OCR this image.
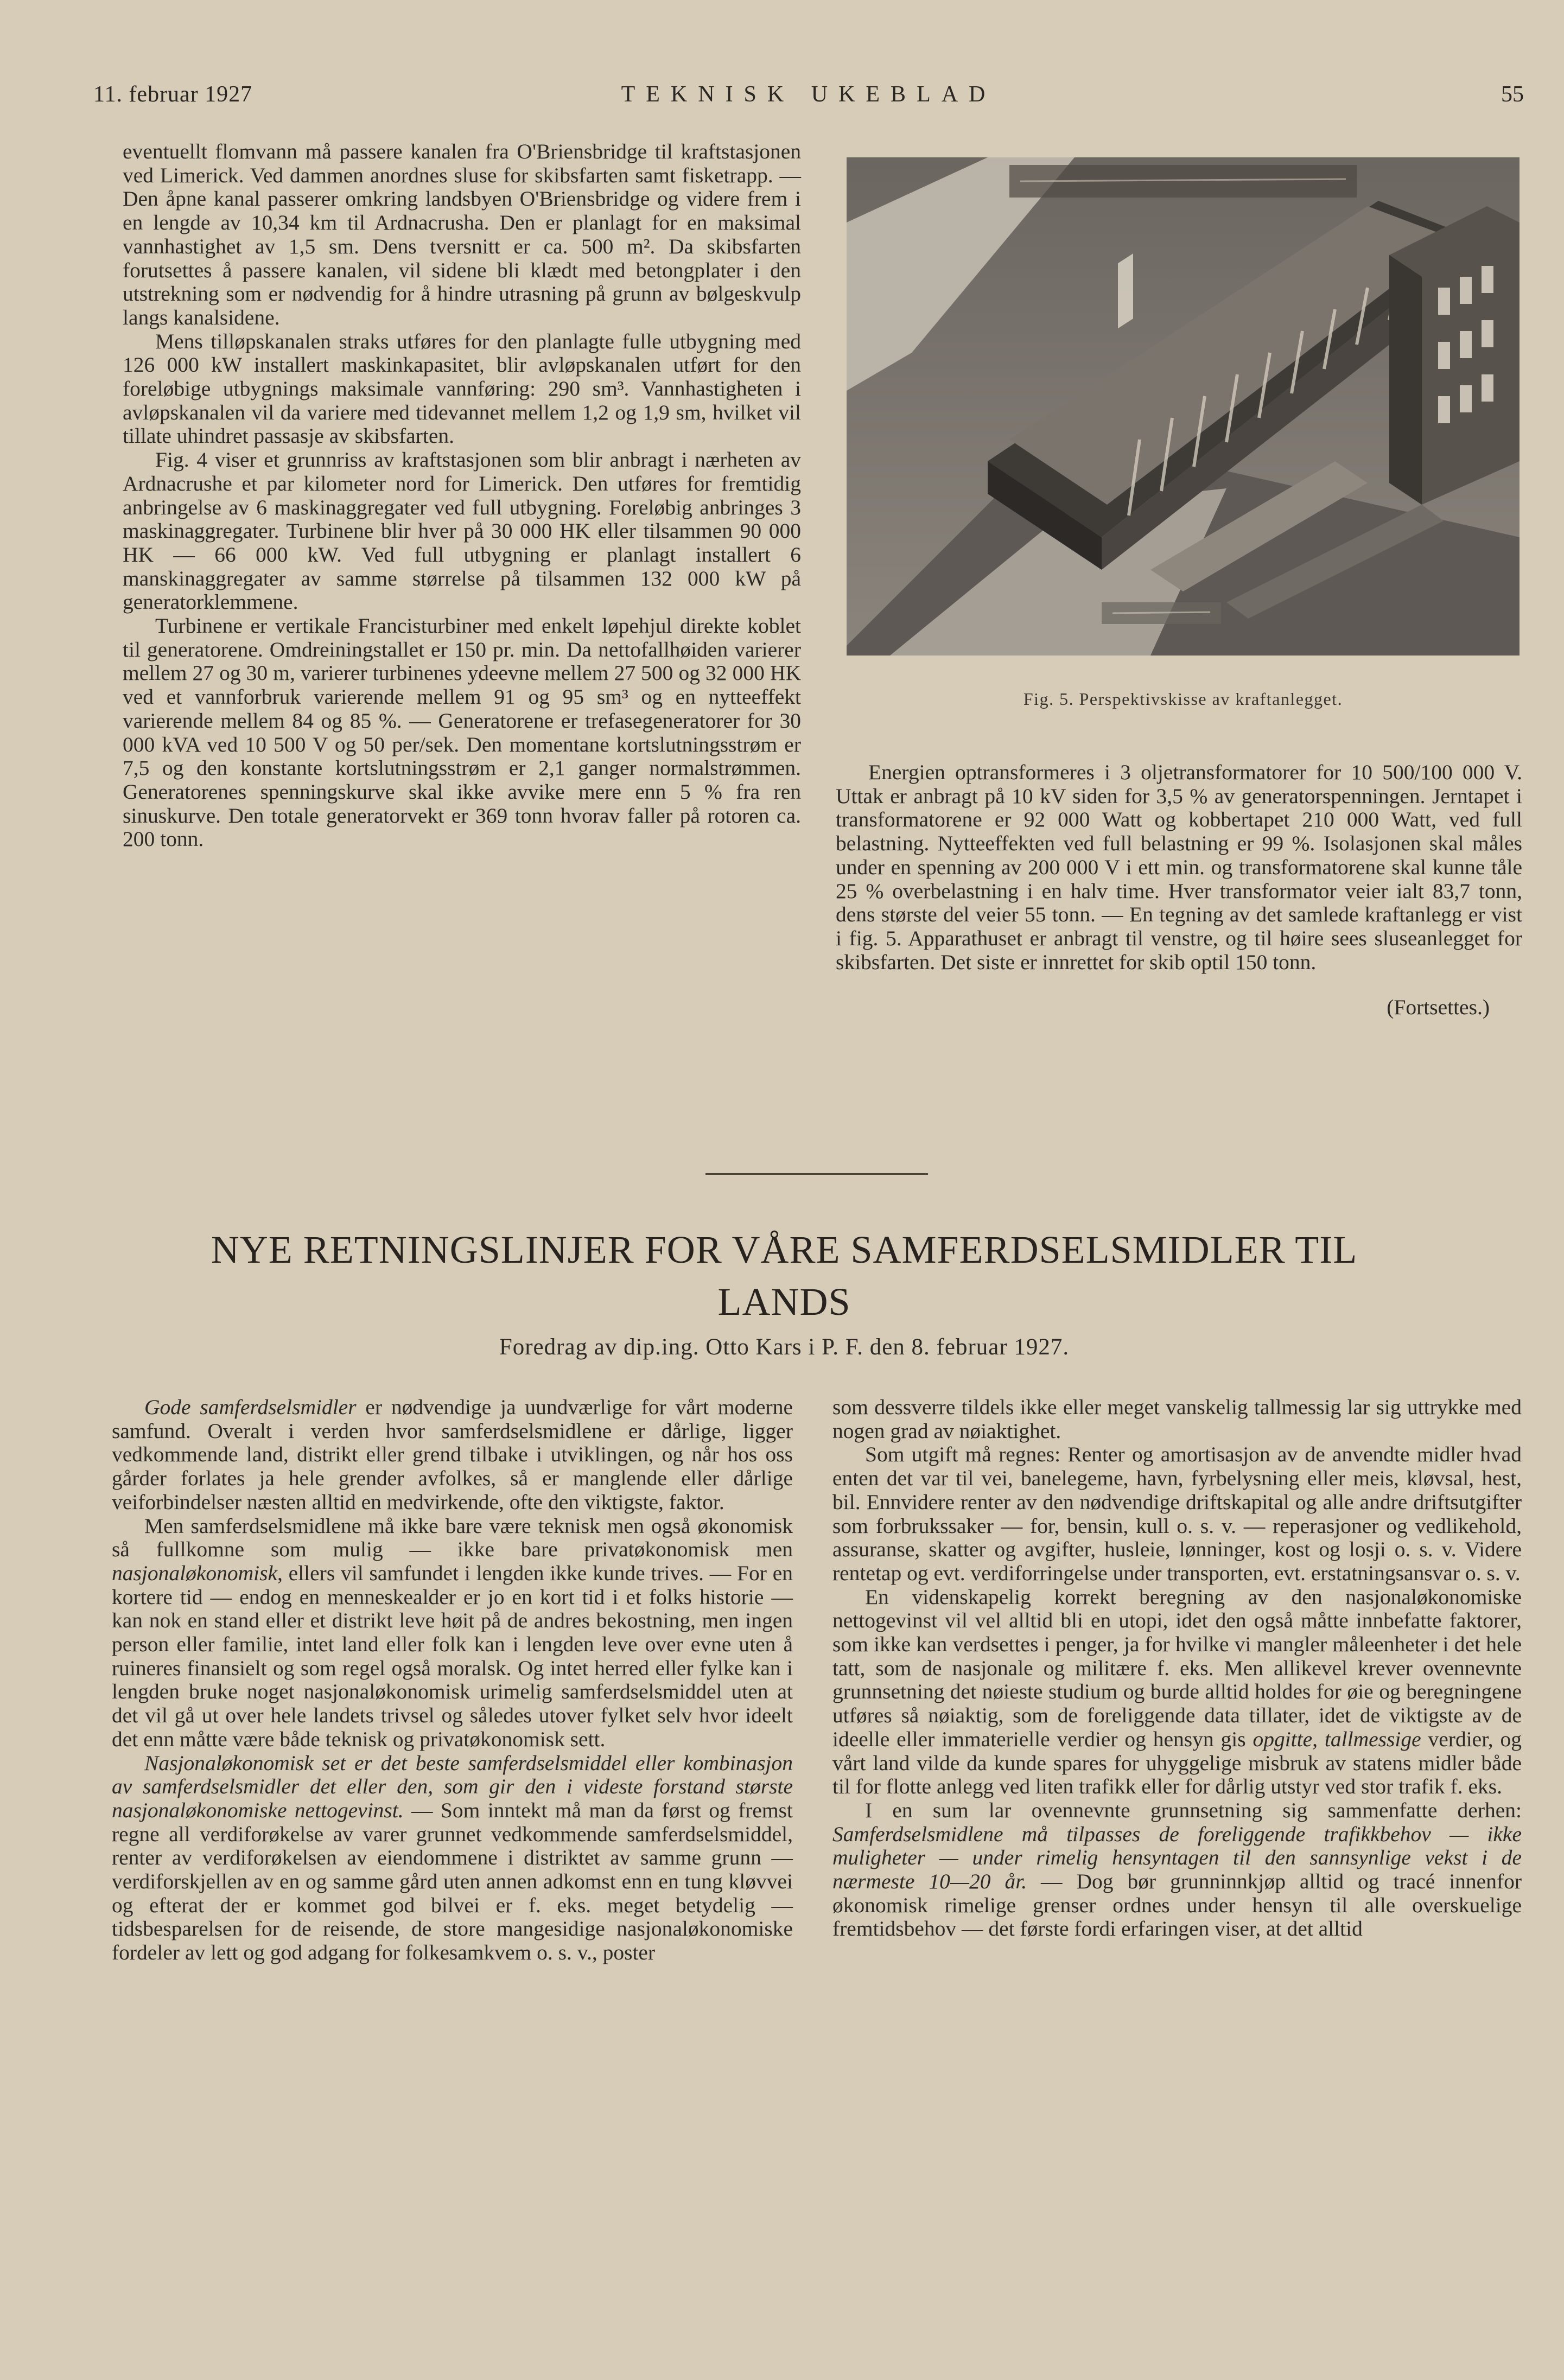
11. februar 1927	TEKNISK UKEBLAD	55

eventuellt flomvann må passere kanalen fra O'Briensbridge til kraftstasjonen ved Limerick. Ved dammen anordnes sluse for skibsfarten samt fisketrapp. — Den åpne kanal passerer omkring landsbyen O'Briensbridge og videre frem i en lengde av 10,34 km til Ardnacrusha. Den er planlagt for en maksimal vannhastighet av 1,5 sm. Dens tversnitt er ca. 500 m². Da skibsfarten forutsettes å passere kanalen, vil sidene bli klædt med betongplater i den utstrekning som er nødvendig for å hindre utrasning på grunn av bølgeskvulp langs kanalsidene.

Mens tilløpskanalen straks utføres for den planlagte fulle utbygning med 126 000 kW installert maskinkapasitet, blir avløpskanalen utført for den foreløbige utbygnings maksimale vannføring: 290 sm³. Vannhastigheten i avløpskanalen vil da variere med tidevannet mellem 1,2 og 1,9 sm, hvilket vil tillate uhindret passasje av skibsfarten.

Fig. 4 viser et grunnriss av kraftstasjonen som blir anbragt i nærheten av Ardnacrushe et par kilometer nord for Limerick. Den utføres for fremtidig anbringelse av 6 maskinaggregater ved full utbygning. Foreløbig anbringes 3 maskinaggregater. Turbinene blir hver på 30 000 HK eller tilsammen 90 000 HK — 66 000 kW. Ved full utbygning er planlagt installert 6 manskinaggregater av samme størrelse på tilsammen 132 000 kW på generatorklemmene.

Turbinene er vertikale Francisturbiner med enkelt løpehjul direkte koblet til generatorene. Omdreiningstallet er 150 pr. min. Da nettofallhøiden varierer mellem 27 og 30 m, varierer turbinenes ydeevne mellem 27 500 og 32 000 HK ved et vannforbruk varierende mellem 91 og 95 sm³ og en nytteeffekt varierende mellem 84 og 85 %. — Generatorene er trefasegeneratorer for 30 000 kVA ved 10 500 V og 50 per/sek. Den momentane kortslutningsstrøm er 7,5 og den konstante kortslutningsstrøm er 2,1 ganger normalstrømmen. Generatorenes spenningskurve skal ikke avvike mere enn 5 % fra ren sinuskurve. Den totale generatorvekt er 369 tonn hvorav faller på rotoren ca. 200 tonn.

Fig. 5. Perspektivskisse av kraftanlegget.

Energien optransformeres i 3 oljetransformatorer for 10 500/100 000 V. Uttak er anbragt på 10 kV siden for 3,5 % av generatorspenningen. Jerntapet i transformatorene er 92 000 Watt og kobbertapet 210 000 Watt, ved full belastning. Nytteeffekten ved full belastning er 99 %. Isolasjonen skal måles under en spenning av 200 000 V i ett min. og transformatorene skal kunne tåle 25 % overbelastning i en halv time. Hver transformator veier ialt 83,7 tonn, dens største del veier 55 tonn. — En tegning av det samlede kraftanlegg er vist i fig. 5. Apparathuset er anbragt til venstre, og til høire sees sluseanlegget for skibsfarten. Det siste er innrettet for skib optil 150 tonn.

(Fortsettes.)

NYE RETNINGSLINJER FOR VÅRE SAMFERDSELSMIDLER TIL LANDS
Foredrag av dip.ing. Otto Kars i P. F. den 8. februar 1927.

Gode samferdselsmidler er nødvendige ja uundværlige for vårt moderne samfund. Overalt i verden hvor samferdselsmidlene er dårlige, ligger vedkommende land, distrikt eller grend tilbake i utviklingen, og når hos oss gårder forlates ja hele grender avfolkes, så er manglende eller dårlige veiforbindelser næsten alltid en medvirkende, ofte den viktigste, faktor.

Men samferdselsmidlene må ikke bare være teknisk men også økonomisk så fullkomne som mulig — ikke bare privatøkonomisk men nasjonaløkonomisk, ellers vil samfundet i lengden ikke kunde trives. — For en kortere tid — endog en menneskealder er jo en kort tid i et folks historie — kan nok en stand eller et distrikt leve høit på de andres bekostning, men ingen person eller familie, intet land eller folk kan i lengden leve over evne uten å ruineres finansielt og som regel også moralsk. Og intet herred eller fylke kan i lengden bruke noget nasjonaløkonomisk urimelig samferdselsmiddel uten at det vil gå ut over hele landets trivsel og således utover fylket selv hvor ideelt det enn måtte være både teknisk og privatøkonomisk sett.

Nasjonaløkonomisk set er det beste samferdselsmiddel eller kombinasjon av samferdselsmidler det eller den, som gir den i videste forstand største nasjonaløkonomiske nettogevinst. — Som inntekt må man da først og fremst regne all verdiforøkelse av varer grunnet vedkommende samferdselsmiddel, renter av verdiforøkelsen av eiendommene i distriktet av samme grunn — verdiforskjellen av en og samme gård uten annen adkomst enn en tung kløvvei og efterat der er kommet god bilvei er f. eks. meget betydelig — tidsbesparelsen for de reisende, de store mangesidige nasjonaløkonomiske fordeler av lett og god adgang for folkesamkvem o. s. v., poster

som dessverre tildels ikke eller meget vanskelig tallmessig lar sig uttrykke med nogen grad av nøiaktighet.

Som utgift må regnes: Renter og amortisasjon av de anvendte midler hvad enten det var til vei, banelegeme, havn, fyrbelysning eller meis, kløvsal, hest, bil. Ennvidere renter av den nødvendige driftskapital og alle andre driftsutgifter som forbrukssaker — for, bensin, kull o. s. v. — reperasjoner og vedlikehold, assuranse, skatter og avgifter, husleie, lønninger, kost og losji o. s. v. Videre rentetap og evt. verdiforringelse under transporten, evt. erstatningsansvar o. s. v.

En videnskapelig korrekt beregning av den nasjonaløkonomiske nettogevinst vil vel alltid bli en utopi, idet den også måtte innbefatte faktorer, som ikke kan verdsettes i penger, ja for hvilke vi mangler måleenheter i det hele tatt, som de nasjonale og militære f. eks. Men allikevel krever ovennevnte grunnsetning det nøieste studium og burde alltid holdes for øie og beregningene utføres så nøiaktig, som de foreliggende data tillater, idet de viktigste av de ideelle eller immaterielle verdier og hensyn gis opgitte, tallmessige verdier, og vårt land vilde da kunde spares for uhyggelige misbruk av statens midler både til for flotte anlegg ved liten trafikk eller for dårlig utstyr ved stor trafik f. eks.

I en sum lar ovennevnte grunnsetning sig sammenfatte derhen: Samferdselsmidlene må tilpasses de foreliggende trafikkbehov — ikke muligheter — under rimelig hensyntagen til den sannsynlige vekst i de nærmeste 10—20 år. — Dog bør grunninnkjøp alltid og tracé innenfor økonomisk rimelige grenser ordnes under hensyn til alle overskuelige fremtidsbehov — det første fordi erfaringen viser, at det alltid
